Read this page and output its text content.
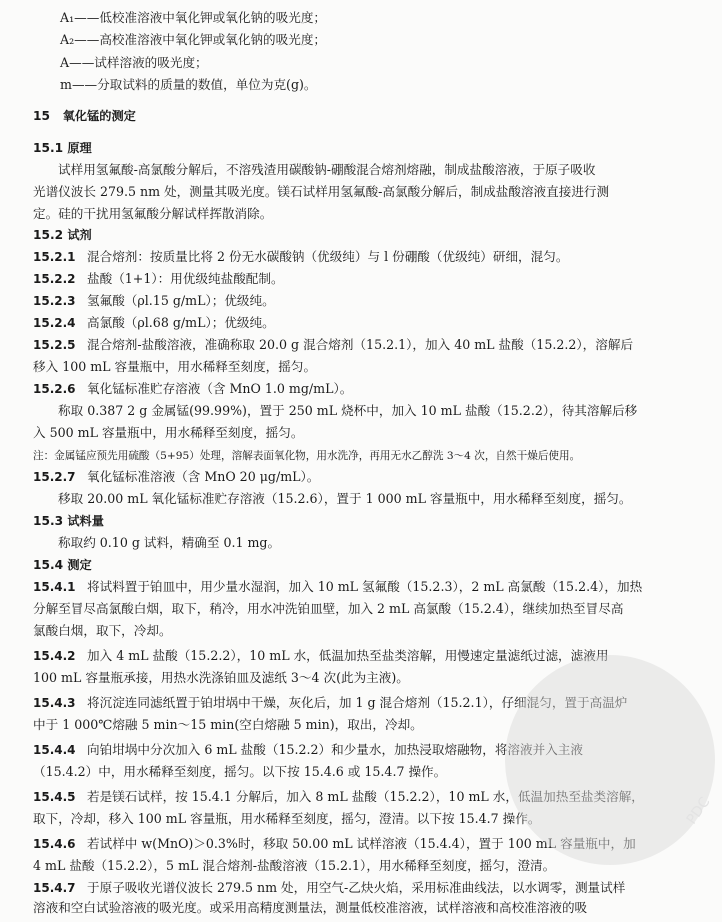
A₁——低校准溶液中氧化钾或氧化钠的吸光度；
A₂——高校准溶液中氧化钾或氧化钠的吸光度；
A——试样溶液的吸光度；
m——分取试料的质量的数值，单位为克(g)。
15 氧化锰的测定
15.1 原理
试样用氢氟酸-高氯酸分解后，不溶残渣用碳酸钠-硼酸混合熔剂熔融，制成盐酸溶液，于原子吸收
光谱仪波长 279.5 nm 处，测量其吸光度。镁石试样用氢氟酸-高氯酸分解后，制成盐酸溶液直接进行测
定。硅的干扰用氢氟酸分解试样挥散消除。
15.2 试剂
15.2.1 混合熔剂：按质量比将 2 份无水碳酸钠（优级纯）与 l 份硼酸（优级纯）研细，混匀。
15.2.2 盐酸（1+1）：用优级纯盐酸配制。
15.2.3 氢氟酸（ρl.15 g/mL）；优级纯。
15.2.4 高氯酸（ρl.68 g/mL）；优级纯。
15.2.5 混合熔剂-盐酸溶液，准确称取 20.0 g 混合熔剂（15.2.1），加入 40 mL 盐酸（15.2.2），溶解后
移入 100 mL 容量瓶中，用水稀释至刻度，摇匀。
15.2.6 氧化锰标准贮存溶液（含 MnO 1.0 mg/mL）。
称取 0.387 2 g 金属锰(99.99%)，置于 250 mL 烧杯中，加入 10 mL 盐酸（15.2.2），待其溶解后移
入 500 mL 容量瓶中，用水稀释至刻度，摇匀。
注：金属锰应预先用硫酸（5+95）处理，溶解表面氧化物，用水洗净，再用无水乙醇洗 3～4 次，自然干燥后使用。
15.2.7 氧化锰标准溶液（含 MnO 20 μg/mL）。
移取 20.00 mL 氧化锰标准贮存溶液（15.2.6），置于 1 000 mL 容量瓶中，用水稀释至刻度，摇匀。
15.3 试料量
称取约 0.10 g 试料，精确至 0.1 mg。
15.4 测定
15.4.1 将试料置于铂皿中，用少量水湿润，加入 10 mL 氢氟酸（15.2.3），2 mL 高氯酸（15.2.4），加热
分解至冒尽高氯酸白烟，取下，稍冷，用水冲洗铂皿壁，加入 2 mL 高氯酸（15.2.4），继续加热至冒尽高
氯酸白烟，取下，冷却。
15.4.2 加入 4 mL 盐酸（15.2.2），10 mL 水，低温加热至盐类溶解，用慢速定量滤纸过滤，滤液用
100 mL 容量瓶承接，用热水洗涤铂皿及滤纸 3～4 次(此为主液)。
15.4.3 将沉淀连同滤纸置于铂坩埚中干燥，灰化后，加 1 g 混合熔剂（15.2.1），仔细混匀，置于高温炉
中于 1 000℃熔融 5 min～15 min(空白熔融 5 min)，取出，冷却。
15.4.4 向铂坩埚中分次加入 6 mL 盐酸（15.2.2）和少量水，加热浸取熔融物，将溶液并入主液
（15.4.2）中，用水稀释至刻度，摇匀。以下按 15.4.6 或 15.4.7 操作。
15.4.5 若是镁石试样，按 15.4.1 分解后，加入 8 mL 盐酸（15.2.2），10 mL 水，低温加热至盐类溶解，
取下，冷却，移入 100 mL 容量瓶，用水稀释至刻度，摇匀，澄清。以下按 15.4.7 操作。
15.4.6 若试样中 w(MnO)＞0.3%时，移取 50.00 mL 试样溶液（15.4.4），置于 100 mL 容量瓶中，加
4 mL 盐酸（15.2.2），5 mL 混合熔剂-盐酸溶液（15.2.1），用水稀释至刻度，摇匀，澄清。
15.4.7 于原子吸收光谱仪波长 279.5 nm 处，用空气-乙炔火焰，采用标准曲线法，以水调零，测量试样
溶液和空白试验溶液的吸光度。或采用高精度测量法，测量低校准溶液，试样溶液和高校准溶液的吸
PDC
